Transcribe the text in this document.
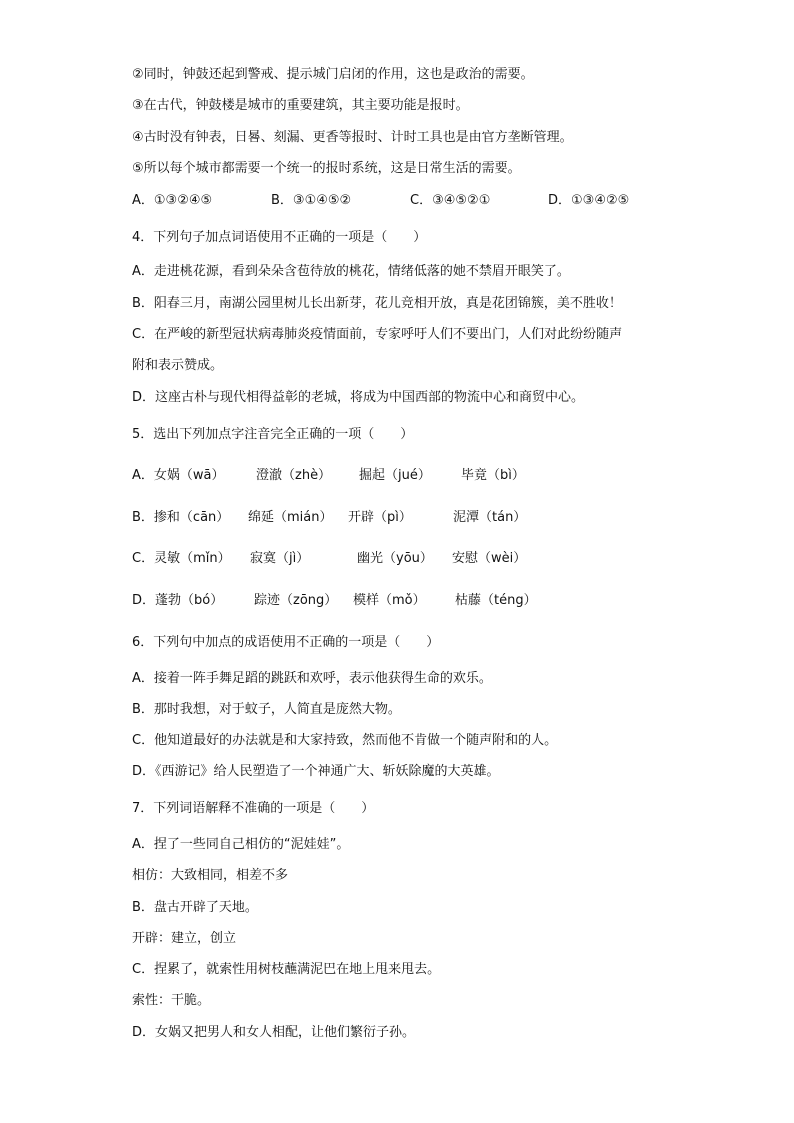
②同时，钟鼓还起到警戒、提示城门启闭的作用，这也是政治的需要。
③在古代，钟鼓楼是城市的重要建筑，其主要功能是报时。
④古时没有钟表，日晷、刻漏、更香等报时、计时工具也是由官方垄断管理。
⑤所以每个城市都需要一个统一的报时系统，这是日常生活的需要。
A．①③②④⑤	B．③①④⑤②	C．③④⑤②①	D．①③④②⑤
4．下列句子加点词语使用不正确的一项是（　　）
A．走进桃花源，看到朵朵含苞待放的桃花，情绪低落的她不禁眉开眼笑了。
B．阳春三月，南湖公园里树儿长出新芽，花儿竞相开放，真是花团锦簇，美不胜收！
C．在严峻的新型冠状病毒肺炎疫情面前，专家呼吁人们不要出门，人们对此纷纷随声
附和表示赞成。
D．这座古朴与现代相得益彰的老城，将成为中国西部的物流中心和商贸中心。
5．选出下列加点字注音完全正确的一项（　　）
A．女娲（wā） 澄澈（zhè） 掘起（jué） 毕竟（bì）
B．掺和（cān） 绵延（mián） 开辟（pì）	泥潭（tán）
C．灵敏（mǐn） 寂寞（jì）	幽光（yōu） 安慰（wèi）
D．蓬勃（bó） 踪迹（zōng） 模样（mǒ） 枯藤（téng）
6．下列句中加点的成语使用不正确的一项是（　　）
A．接着一阵手舞足蹈的跳跃和欢呼，表示他获得生命的欢乐。
B．那时我想，对于蚊子，人简直是庞然大物。
C．他知道最好的办法就是和大家持致，然而他不肯做一个随声附和的人。
D．《西游记》给人民塑造了一个神通广大、斩妖除魔的大英雄。
7．下列词语解释不准确的一项是（　　）
A．捏了一些同自己相仿的“泥娃娃”。
相仿：大致相同，相差不多
B．盘古开辟了天地。
开辟：建立，创立
C．捏累了，就索性用树枝蘸满泥巴在地上甩来甩去。
索性：干脆。
D．女娲又把男人和女人相配，让他们繁衍子孙。
